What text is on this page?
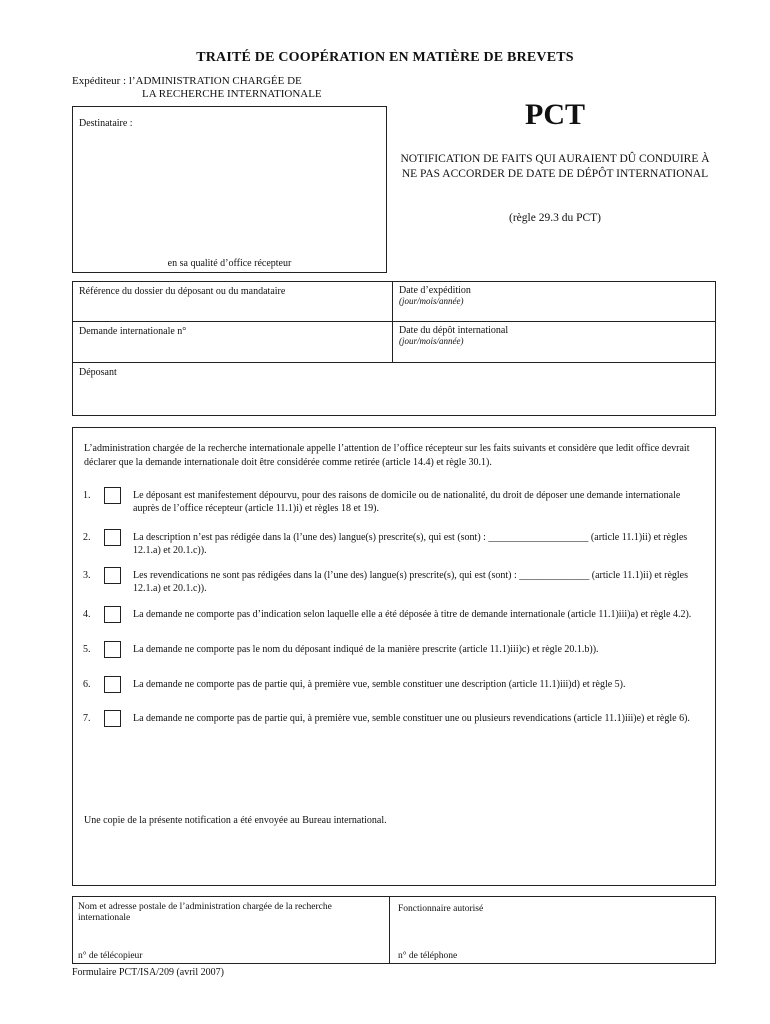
TRAITÉ DE COOPÉRATION EN MATIÈRE DE BREVETS
Expéditeur : l’ADMINISTRATION CHARGÉE DE
LA RECHERCHE INTERNATIONALE
Destinataire :
en sa qualité d’office récepteur
PCT
NOTIFICATION DE FAITS QUI AURAIENT DÛ CONDUIRE À NE PAS ACCORDER DE DATE DE DÉPÔT INTERNATIONAL
(règle 29.3 du PCT)
Référence du dossier du déposant ou du mandataire	Date d’expédition
(jour/mois/année)
Demande internationale n°	Date du dépôt international
(jour/mois/année)
Déposant
L’administration chargée de la recherche internationale appelle l’attention de l’office récepteur sur les faits suivants et considère que ledit office devrait déclarer que la demande internationale doit être considérée comme retirée (article 14.4) et règle 30.1).
1.	Le déposant est manifestement dépourvu, pour des raisons de domicile ou de nationalité, du droit de déposer une demande internationale auprès de l’office récepteur (article 11.1)i) et règles 18 et 19).
2.	La description n’est pas rédigée dans la (l’une des) langue(s) prescrite(s), qui est (sont) : ____________________ (article 11.1)ii) et règles 12.1.a) et 20.1.c)).
3.	Les revendications ne sont pas rédigées dans la (l’une des) langue(s) prescrite(s), qui est (sont) : ______________ (article 11.1)ii) et règles 12.1.a) et 20.1.c)).
4.	La demande ne comporte pas d’indication selon laquelle elle a été déposée à titre de demande internationale (article 11.1)iii)a) et règle 4.2).
5.	La demande ne comporte pas le nom du déposant indiqué de la manière prescrite (article 11.1)iii)c) et règle 20.1.b)).
6.	La demande ne comporte pas de partie qui, à première vue, semble constituer une description (article 11.1)iii)d) et règle 5).
7.	La demande ne comporte pas de partie qui, à première vue, semble constituer une ou plusieurs revendications (article 11.1)iii)e) et règle 6).
Une copie de la présente notification a été envoyée au Bureau international.
Nom et adresse postale de l’administration chargée de la recherche internationale
n° de télécopieur
Fonctionnaire autorisé
n° de téléphone
Formulaire PCT/ISA/209 (avril 2007)
